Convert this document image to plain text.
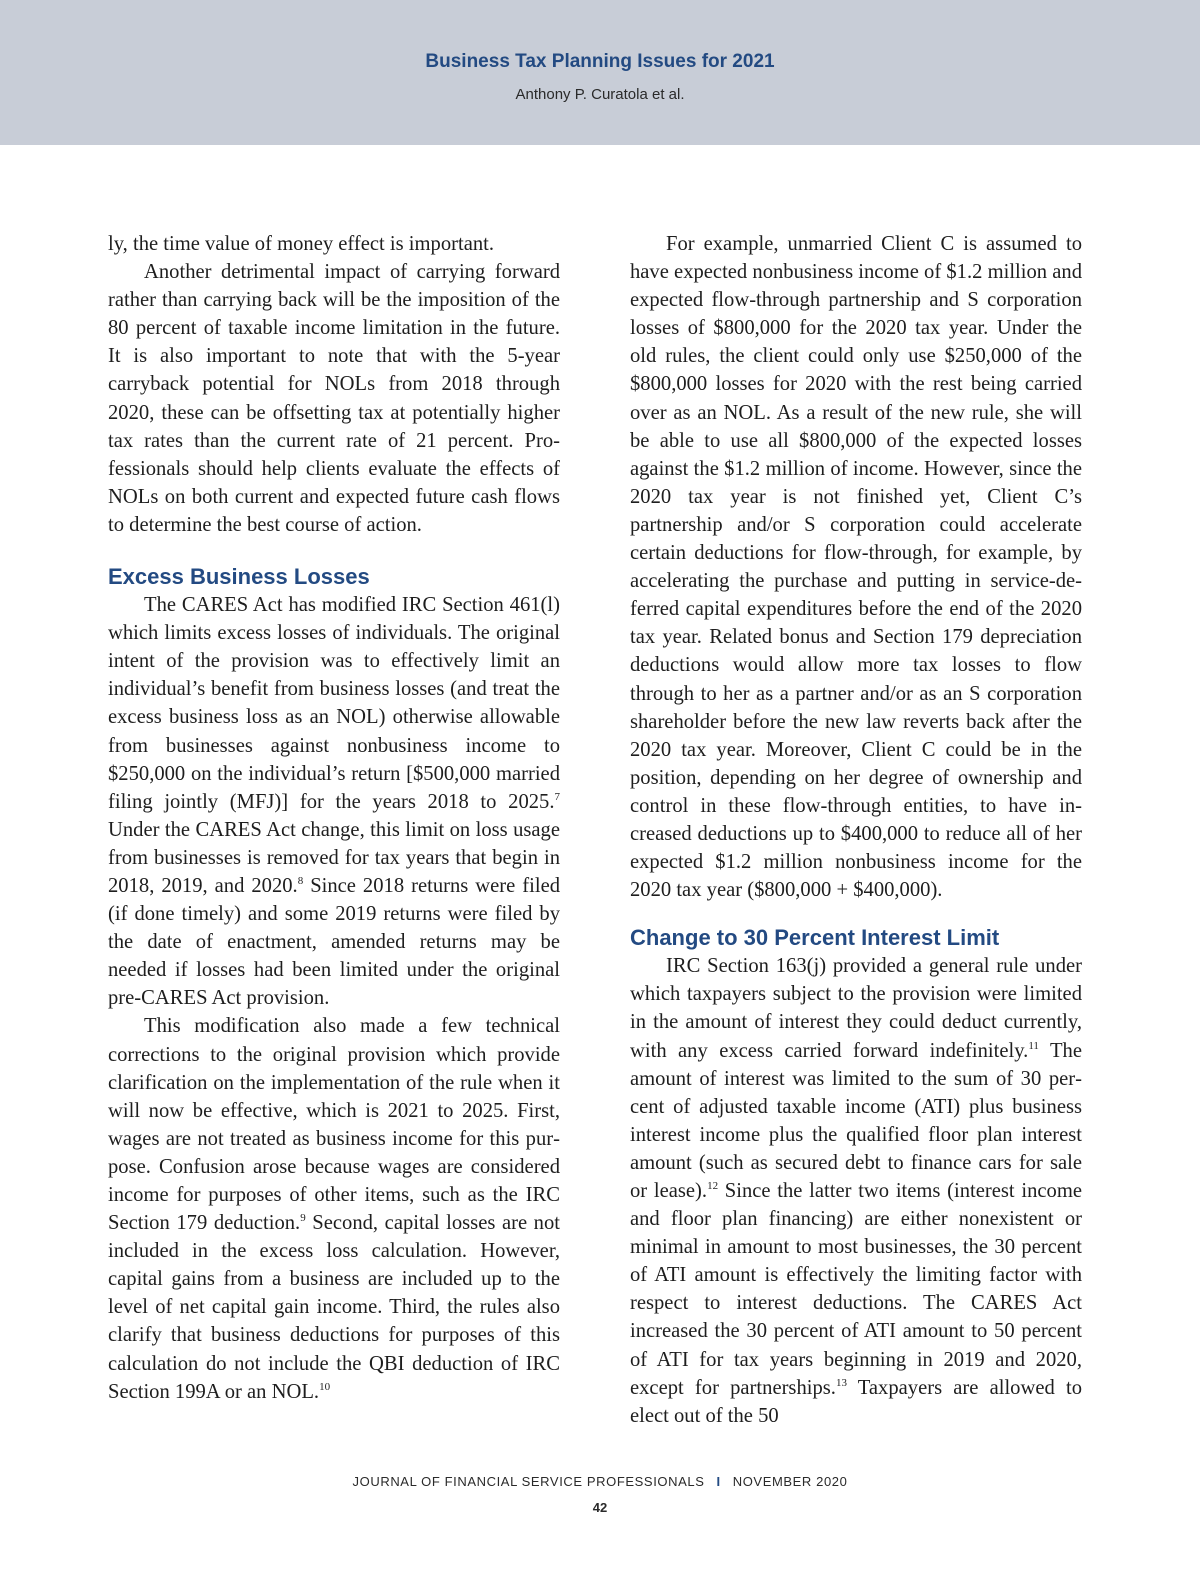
Business Tax Planning Issues for 2021
Anthony P. Curatola et al.

ly, the time value of money effect is important.

Another detrimental impact of carrying forward rather than carrying back will be the imposition of the 80 percent of taxable income limitation in the future. It is also important to note that with the 5-year carryback potential for NOLs from 2018 through 2020, these can be offsetting tax at potentially higher tax rates than the current rate of 21 percent. Professionals should help clients evaluate the effects of NOLs on both current and expected future cash flows to determine the best course of action.

Excess Business Losses

The CARES Act has modified IRC Section 461(l) which limits excess losses of individuals. The original intent of the provision was to effectively limit an individual’s benefit from business losses (and treat the excess business loss as an NOL) otherwise allowable from businesses against nonbusiness income to $250,000 on the individual’s return [$500,000 married filing jointly (MFJ)] for the years 2018 to 2025.$^7$ Under the CARES Act change, this limit on loss usage from businesses is removed for tax years that begin in 2018, 2019, and 2020.$^8$ Since 2018 returns were filed (if done timely) and some 2019 returns were filed by the date of enactment, amended returns may be needed if losses had been limited under the original pre-CARES Act provision.

This modification also made a few technical corrections to the original provision which provide clarification on the implementation of the rule when it will now be effective, which is 2021 to 2025. First, wages are not treated as business income for this purpose. Confusion arose because wages are considered income for purposes of other items, such as the IRC Section 179 deduction.$^9$ Second, capital losses are not included in the excess loss calculation. However, capital gains from a business are included up to the level of net capital gain income. Third, the rules also clarify that business deductions for purposes of this calculation do not include the QBI deduction of IRC Section 199A or an NOL.$^{10}$

For example, unmarried Client C is assumed to have expected nonbusiness income of $1.2 million and expected flow-through partnership and S corporation losses of $800,000 for the 2020 tax year. Under the old rules, the client could only use $250,000 of the $800,000 losses for 2020 with the rest being carried over as an NOL. As a result of the new rule, she will be able to use all $800,000 of the expected losses against the $1.2 million of income. However, since the 2020 tax year is not finished yet, Client C’s partnership and/or S corporation could accelerate certain deductions for flow-through, for example, by accelerating the purchase and putting in service-deferred capital expenditures before the end of the 2020 tax year. Related bonus and Section 179 depreciation deductions would allow more tax losses to flow through to her as a partner and/or as an S corporation shareholder before the new law reverts back after the 2020 tax year. Moreover, Client C could be in the position, depending on her degree of ownership and control in these flow-through entities, to have increased deductions up to $400,000 to reduce all of her expected $1.2 million nonbusiness income for the 2020 tax year ($800,000 + $400,000).

Change to 30 Percent Interest Limit

IRC Section 163(j) provided a general rule under which taxpayers subject to the provision were limited in the amount of interest they could deduct currently, with any excess carried forward indefinitely.$^{11}$ The amount of interest was limited to the sum of 30 percent of adjusted taxable income (ATI) plus business interest income plus the qualified floor plan interest amount (such as secured debt to finance cars for sale or lease).$^{12}$ Since the latter two items (interest income and floor plan financing) are either nonexistent or minimal in amount to most businesses, the 30 percent of ATI amount is effectively the limiting factor with respect to interest deductions. The CARES Act increased the 30 percent of ATI amount to 50 percent of ATI for tax years beginning in 2019 and 2020, except for partnerships.$^{13}$ Taxpayers are allowed to elect out of the 50

JOURNAL OF FINANCIAL SERVICE PROFESSIONALS I NOVEMBER 2020
42
